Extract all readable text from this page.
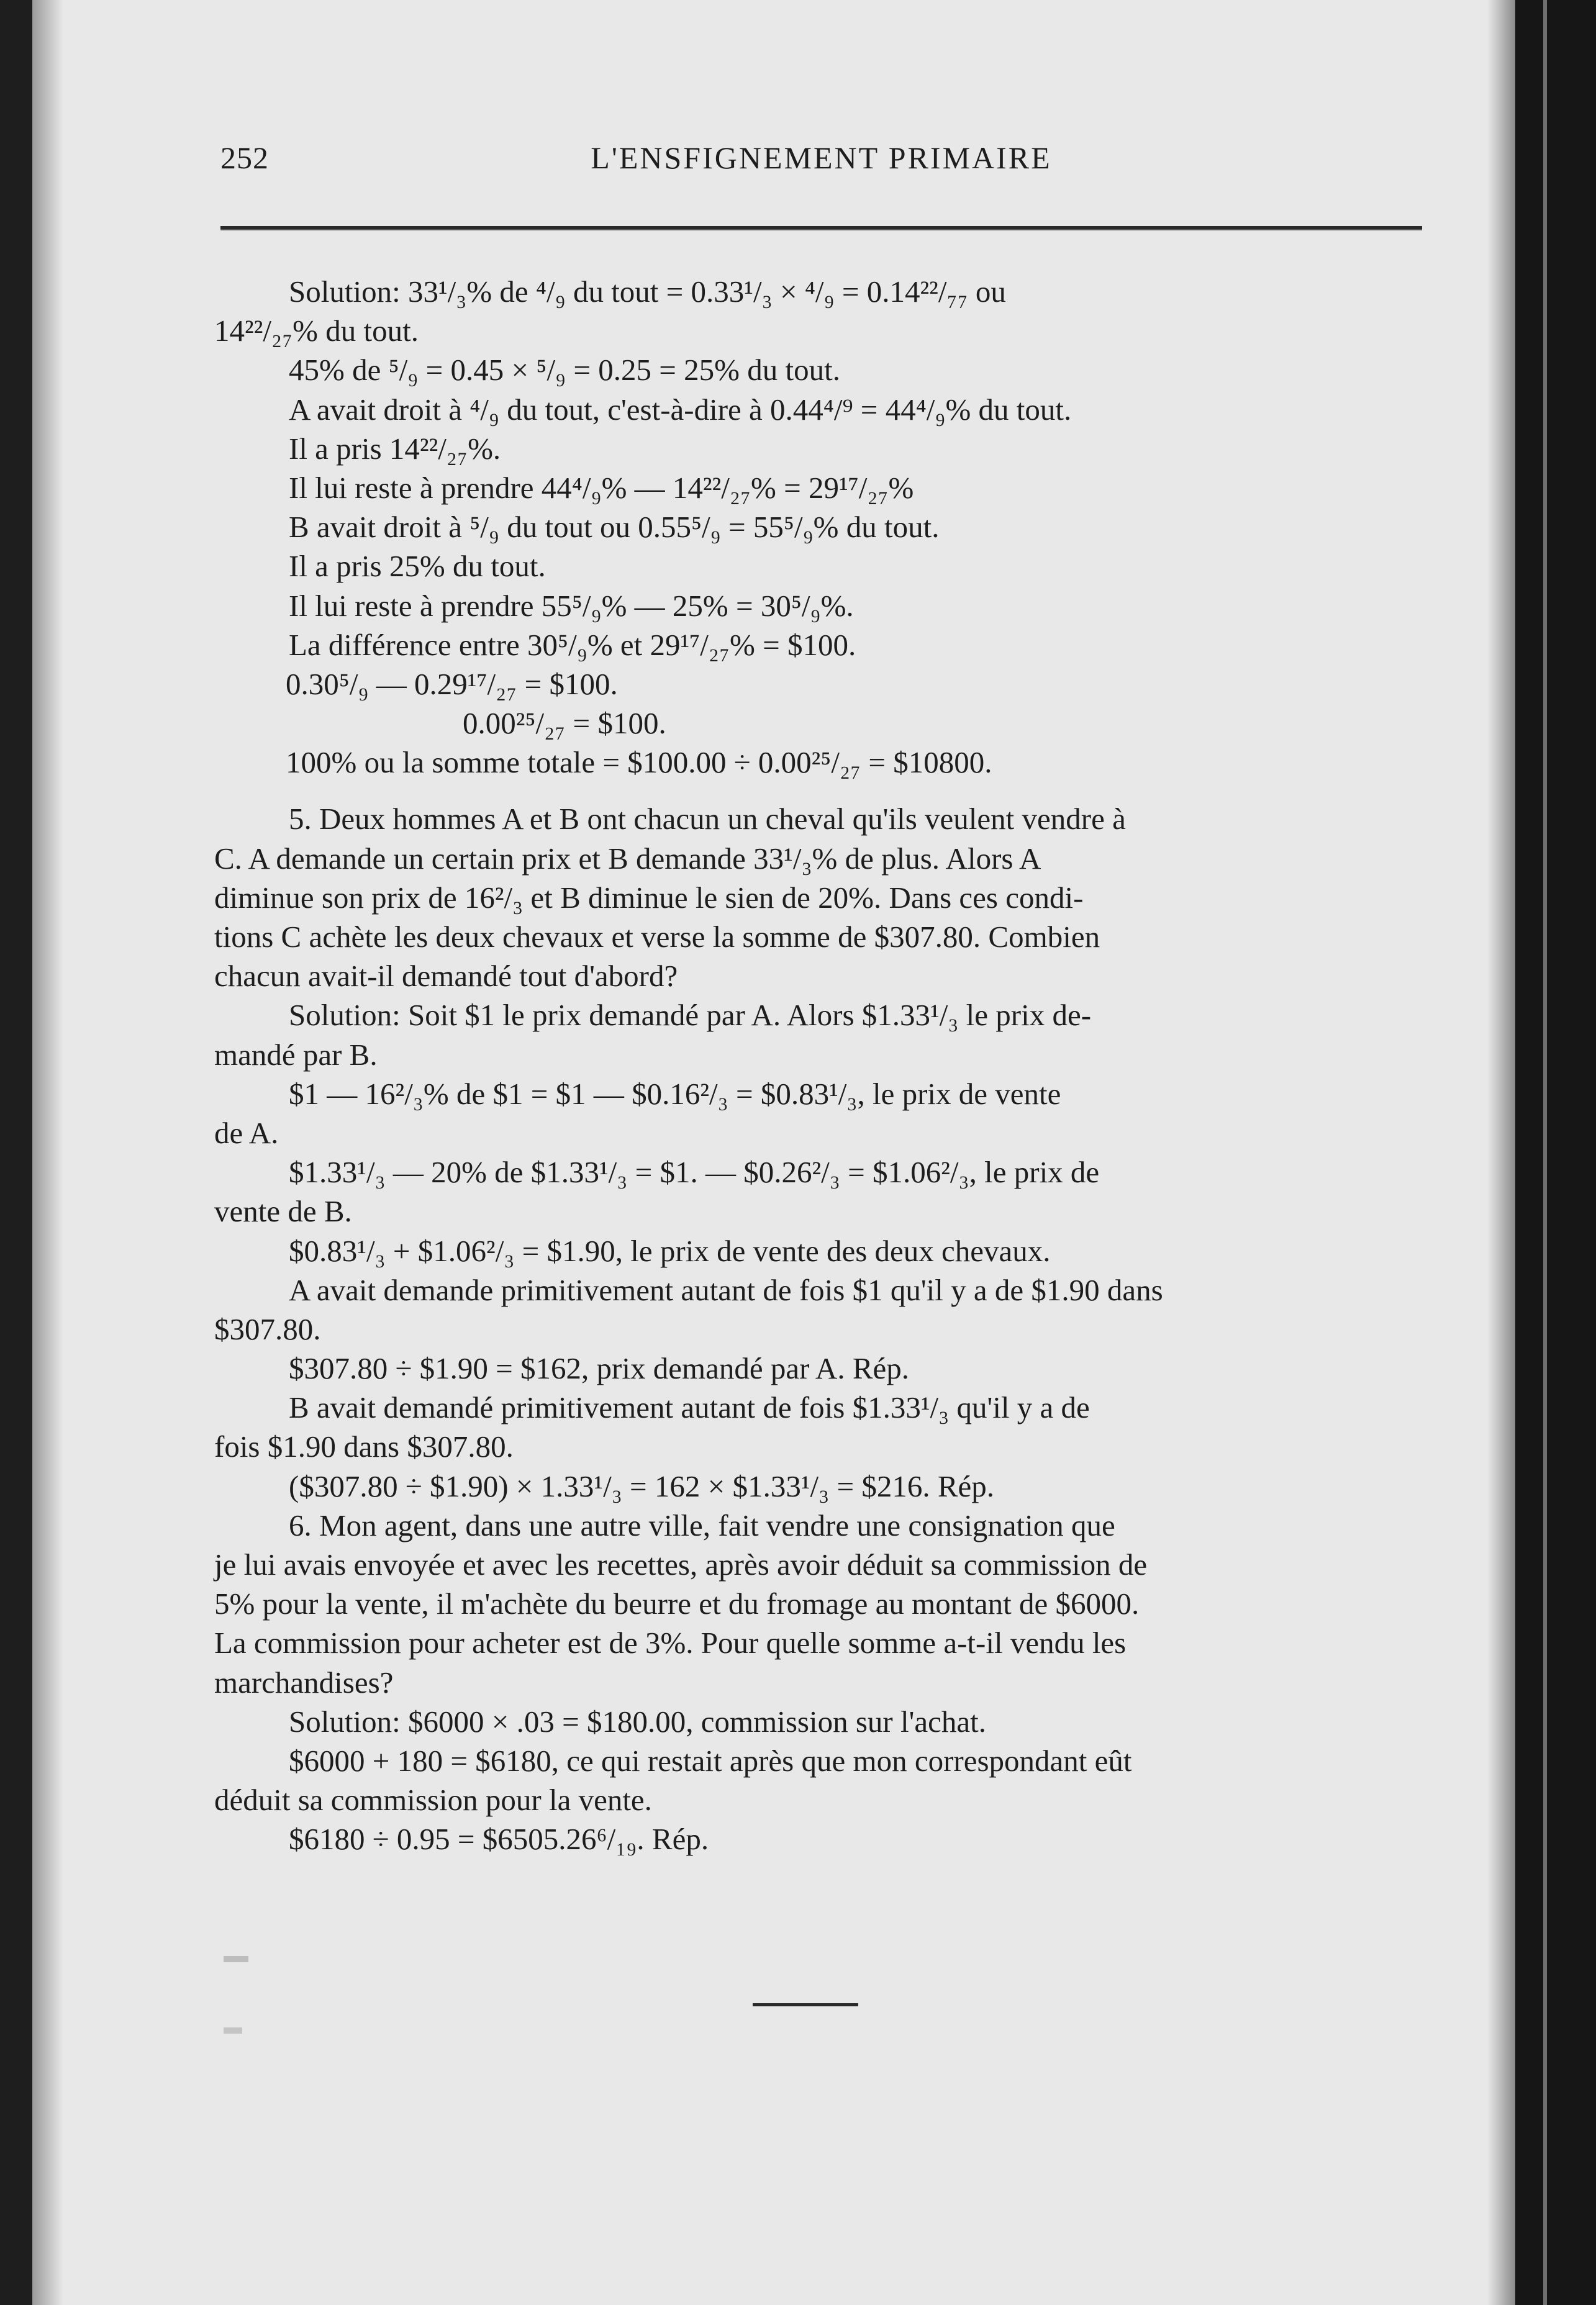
252	L'ENSFIGNEMENT PRIMAIRE
Solution: 33¹/₃% de ⁴/₉ du tout = 0.33¹/₃ × ⁴/₉ = 0.14²²/₇₇ ou
14²²/₂₇% du tout.
45% de ⁵/₉ = 0.45 × ⁵/₉ = 0.25 = 25% du tout.
A avait droit à ⁴/₉ du tout, c'est-à-dire à 0.44⁴/⁹ = 44⁴/₉% du tout.
Il a pris 14²²/₂₇%.
Il lui reste à prendre 44⁴/₉% — 14²²/₂₇% = 29¹⁷/₂₇%
B avait droit à ⁵/₉ du tout ou 0.55⁵/₉ = 55⁵/₉% du tout.
Il a pris 25% du tout.
Il lui reste à prendre 55⁵/₉% — 25% = 30⁵/₉%.
La différence entre 30⁵/₉% et 29¹⁷/₂₇% = $100.
0.30⁵/₉ — 0.29¹⁷/₂₇ = $100.
0.00²⁵/₂₇ = $100.
100% ou la somme totale = $100.00 ÷ 0.00²⁵/₂₇ = $10800.
5. Deux hommes A et B ont chacun un cheval qu'ils veulent vendre à
C. A demande un certain prix et B demande 33¹/₃% de plus. Alors A
diminue son prix de 16²/₃ et B diminue le sien de 20%. Dans ces condi-
tions C achète les deux chevaux et verse la somme de $307.80. Combien
chacun avait-il demandé tout d'abord?
Solution: Soit $1 le prix demandé par A. Alors $1.33¹/₃ le prix de-
mandé par B.
$1 — 16²/₃% de $1 = $1 — $0.16²/₃ = $0.83¹/₃, le prix de vente
de A.
$1.33¹/₃ — 20% de $1.33¹/₃ = $1. — $0.26²/₃ = $1.06²/₃, le prix de
vente de B.
$0.83¹/₃ + $1.06²/₃ = $1.90, le prix de vente des deux chevaux.
A avait demande primitivement autant de fois $1 qu'il y a de $1.90 dans
$307.80.
$307.80 ÷ $1.90 = $162, prix demandé par A. Rép.
B avait demandé primitivement autant de fois $1.33¹/₃ qu'il y a de
fois $1.90 dans $307.80.
($307.80 ÷ $1.90) × 1.33¹/₃ = 162 × $1.33¹/₃ = $216. Rép.
6. Mon agent, dans une autre ville, fait vendre une consignation que
je lui avais envoyée et avec les recettes, après avoir déduit sa commission de
5% pour la vente, il m'achète du beurre et du fromage au montant de $6000.
La commission pour acheter est de 3%. Pour quelle somme a-t-il vendu les
marchandises?
Solution: $6000 × .03 = $180.00, commission sur l'achat.
$6000 + 180 = $6180, ce qui restait après que mon correspondant eût
déduit sa commission pour la vente.
$6180 ÷ 0.95 = $6505.26⁶/₁₉. Rép.
